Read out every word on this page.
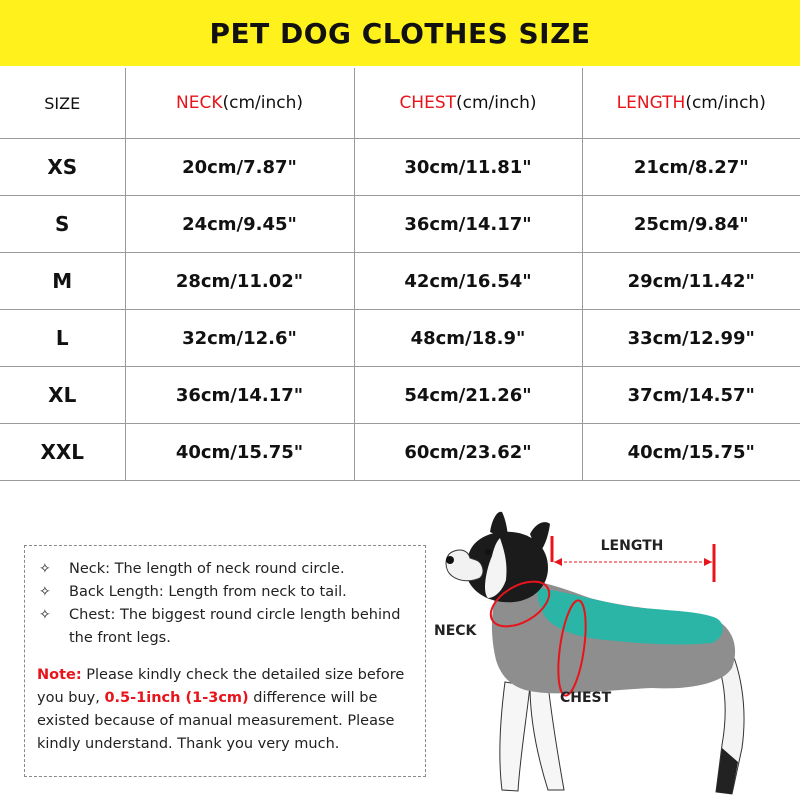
PET DOG CLOTHES SIZE
SIZE	NECK(cm/inch)	CHEST(cm/inch)	LENGTH(cm/inch)
XS	20cm/7.87"	30cm/11.81"	21cm/8.27"
S	24cm/9.45"	36cm/14.17"	25cm/9.84"
M	28cm/11.02"	42cm/16.54"	29cm/11.42"
L	32cm/12.6"	48cm/18.9"	33cm/12.99"
XL	36cm/14.17"	54cm/21.26"	37cm/14.57"
XXL	40cm/15.75"	60cm/23.62"	40cm/15.75"
✧ Neck: The length of neck round circle.
✧ Back Length: Length from neck to tail.
✧ Chest: The biggest round circle length behind the front legs.
Note: Please kindly check the detailed size before you buy, 0.5-1inch (1-3cm) difference will be existed because of manual measurement. Please kindly understand. Thank you very much.
LENGTH
NECK
CHEST
